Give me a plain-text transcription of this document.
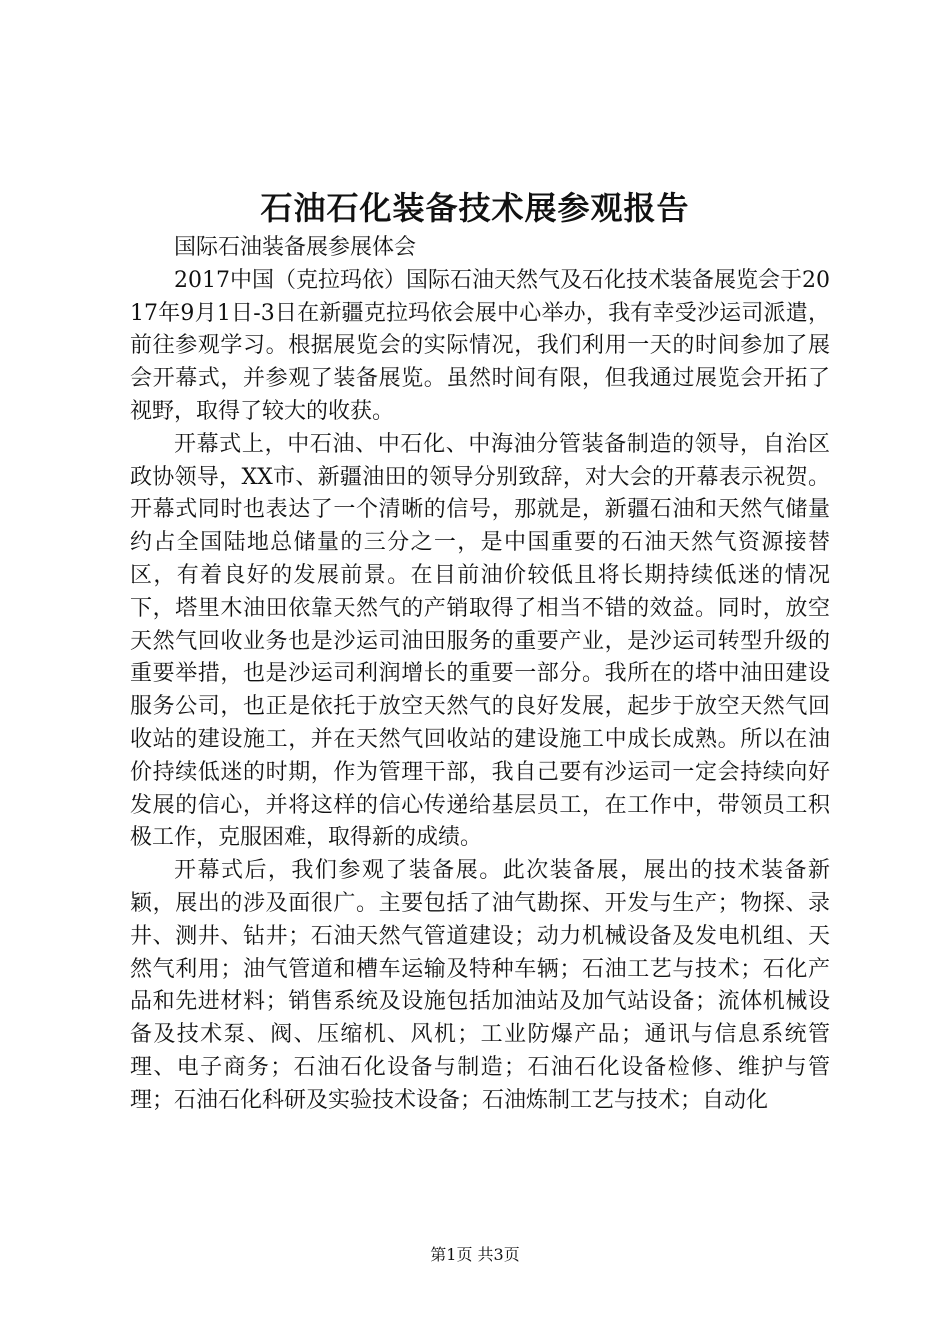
石油石化装备技术展参观报告

国际石油装备展参展体会

2017中国（克拉玛依）国际石油天然气及石化技术装备展览会于2017年9月1日-3日在新疆克拉玛依会展中心举办，我有幸受沙运司派遣，前往参观学习。根据展览会的实际情况，我们利用一天的时间参加了展会开幕式，并参观了装备展览。虽然时间有限，但我通过展览会开拓了视野，取得了较大的收获。

开幕式上，中石油、中石化、中海油分管装备制造的领导，自治区政协领导，XX市、新疆油田的领导分别致辞，对大会的开幕表示祝贺。开幕式同时也表达了一个清晰的信号，那就是，新疆石油和天然气储量约占全国陆地总储量的三分之一，是中国重要的石油天然气资源接替区，有着良好的发展前景。在目前油价较低且将长期持续低迷的情况下，塔里木油田依靠天然气的产销取得了相当不错的效益。同时，放空天然气回收业务也是沙运司油田服务的重要产业，是沙运司转型升级的重要举措，也是沙运司利润增长的重要一部分。我所在的塔中油田建设服务公司，也正是依托于放空天然气的良好发展，起步于放空天然气回收站的建设施工，并在天然气回收站的建设施工中成长成熟。所以在油价持续低迷的时期，作为管理干部，我自己要有沙运司一定会持续向好发展的信心，并将这样的信心传递给基层员工，在工作中，带领员工积极工作，克服困难，取得新的成绩。

开幕式后，我们参观了装备展。此次装备展，展出的技术装备新颖，展出的涉及面很广。主要包括了油气勘探、开发与生产；物探、录井、测井、钻井；石油天然气管道建设；动力机械设备及发电机组、天然气利用；油气管道和槽车运输及特种车辆；石油工艺与技术；石化产品和先进材料；销售系统及设施包括加油站及加气站设备；流体机械设备及技术泵、阀、压缩机、风机；工业防爆产品；通讯与信息系统管理、电子商务；石油石化设备与制造；石油石化设备检修、维护与管理；石油石化科研及实验技术设备；石油炼制工艺与技术；自动化

第1页 共3页
